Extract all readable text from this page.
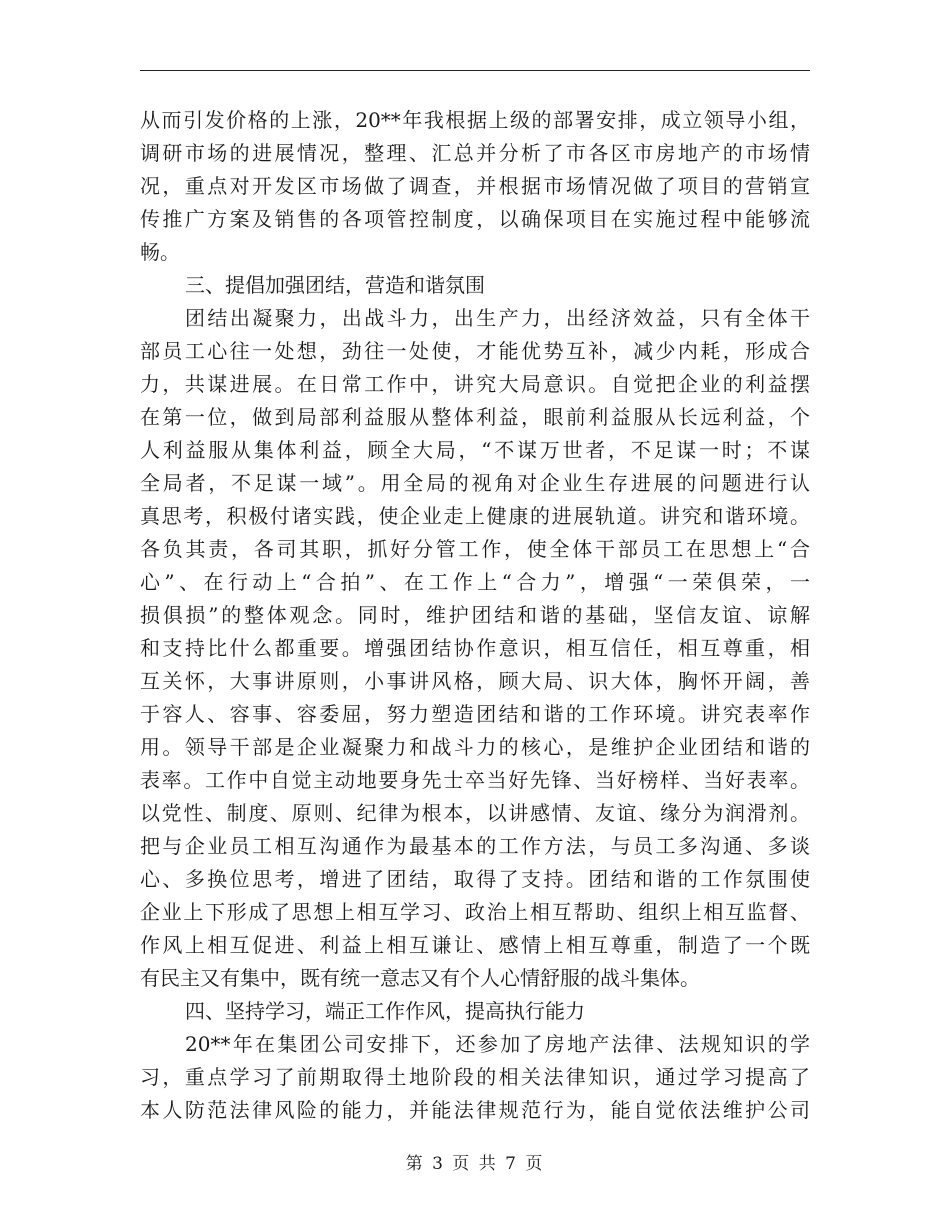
从而引发价格的上涨，20**年我根据上级的部署安排，成立领导小组，
调研市场的进展情况，整理、汇总并分析了市各区市房地产的市场情
况，重点对开发区市场做了调查，并根据市场情况做了项目的营销宣
传推广方案及销售的各项管控制度，以确保项目在实施过程中能够流
畅。
三、提倡加强团结，营造和谐氛围
团结出凝聚力，出战斗力，出生产力，出经济效益，只有全体干
部员工心往一处想，劲往一处使，才能优势互补，减少内耗，形成合
力，共谋进展。在日常工作中，讲究大局意识。自觉把企业的利益摆
在第一位，做到局部利益服从整体利益，眼前利益服从长远利益，个
人利益服从集体利益，顾全大局，“不谋万世者，不足谋一时；不谋
全局者，不足谋一域”。用全局的视角对企业生存进展的问题进行认
真思考，积极付诸实践，使企业走上健康的进展轨道。讲究和谐环境。
各负其责，各司其职，抓好分管工作，使全体干部员工在思想上“合
心”、在行动上“合拍”、在工作上“合力”，增强“一荣俱荣，一
损俱损”的整体观念。同时，维护团结和谐的基础，坚信友谊、谅解
和支持比什么都重要。增强团结协作意识，相互信任，相互尊重，相
互关怀，大事讲原则，小事讲风格，顾大局、识大体，胸怀开阔，善
于容人、容事、容委屈，努力塑造团结和谐的工作环境。讲究表率作
用。领导干部是企业凝聚力和战斗力的核心，是维护企业团结和谐的
表率。工作中自觉主动地要身先士卒当好先锋、当好榜样、当好表率。
以党性、制度、原则、纪律为根本，以讲感情、友谊、缘分为润滑剂。
把与企业员工相互沟通作为最基本的工作方法，与员工多沟通、多谈
心、多换位思考，增进了团结，取得了支持。团结和谐的工作氛围使
企业上下形成了思想上相互学习、政治上相互帮助、组织上相互监督、
作风上相互促进、利益上相互谦让、感情上相互尊重，制造了一个既
有民主又有集中，既有统一意志又有个人心情舒服的战斗集体。
四、坚持学习，端正工作作风，提高执行能力
20**年在集团公司安排下，还参加了房地产法律、法规知识的学
习，重点学习了前期取得土地阶段的相关法律知识，通过学习提高了
本人防范法律风险的能力，并能法律规范行为，能自觉依法维护公司
第 3 页 共 7 页
